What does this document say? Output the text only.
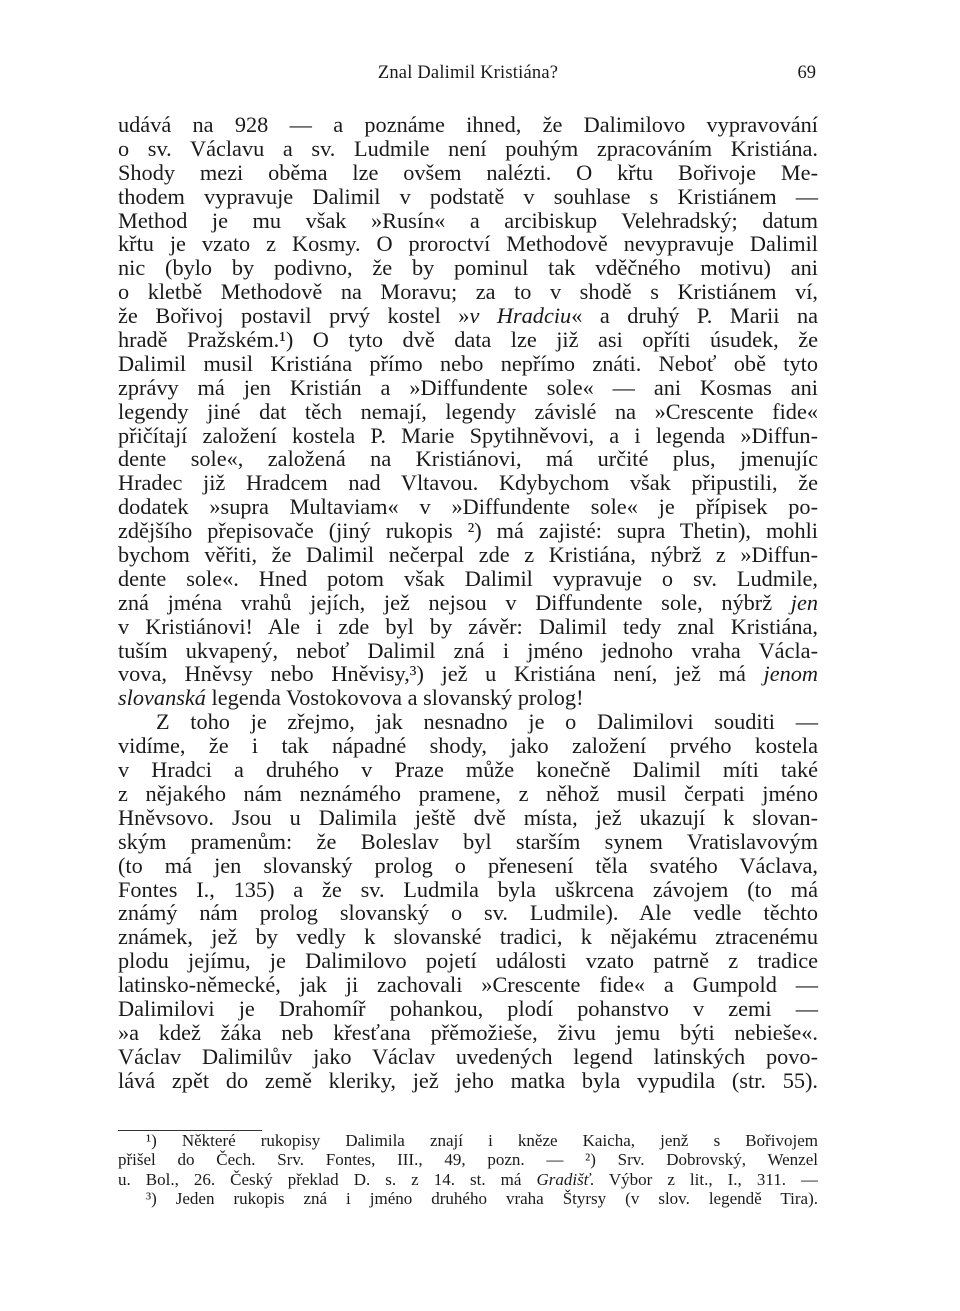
Znal Dalimil Kristiána?	69
udává na 928 — a poznáme ihned, že Dalimilovo vypravování
o sv. Václavu a sv. Ludmile není pouhým zpracováním Kristiána.
Shody mezi oběma lze ovšem nalézti. O křtu Bořivoje Me-
thodem vypravuje Dalimil v podstatě v souhlase s Kristiánem —
Method je mu však »Rusín« a arcibiskup Velehradský; datum
křtu je vzato z Kosmy. O proroctví Methodově nevypravuje Dalimil
nic (bylo by podivno, že by pominul tak vděčného motivu) ani
o kletbě Methodově na Moravu; za to v shodě s Kristiánem ví,
že Bořivoj postavil prvý kostel »v Hradciu« a druhý P. Marii na
hradě Pražském.¹) O tyto dvě data lze již asi opříti úsudek, že
Dalimil musil Kristiána přímo nebo nepřímo znáti. Neboť obě tyto
zprávy má jen Kristián a »Diffundente sole« — ani Kosmas ani
legendy jiné dat těch nemají, legendy závislé na »Crescente fide«
přičítají založení kostela P. Marie Spytihněvovi, a i legenda »Diffun-
dente sole«, založená na Kristiánovi, má určité plus, jmenujíc
Hradec již Hradcem nad Vltavou. Kdybychom však připustili, že
dodatek »supra Multaviam« v »Diffundente sole« je přípisek po-
zdějšího přepisovače (jiný rukopis ²) má zajisté: supra Thetin), mohli
bychom věřiti, že Dalimil nečerpal zde z Kristiána, nýbrž z »Diffun-
dente sole«. Hned potom však Dalimil vypravuje o sv. Ludmile,
zná jména vrahů jejích, jež nejsou v Diffundente sole, nýbrž jen
v Kristiánovi! Ale i zde byl by závěr: Dalimil tedy znal Kristiána,
tuším ukvapený, neboť Dalimil zná i jméno jednoho vraha Václa-
vova, Hněvsy nebo Hněvisy,³) jež u Kristiána není, jež má jenom
slovanská legenda Vostokovova a slovanský prolog!
Z toho je zřejmo, jak nesnadno je o Dalimilovi souditi —
vidíme, že i tak nápadné shody, jako založení prvého kostela
v Hradci a druhého v Praze může konečně Dalimil míti také
z nějakého nám neznámého pramene, z něhož musil čerpati jméno
Hněvsovo. Jsou u Dalimila ještě dvě místa, jež ukazují k slovan-
ským pramenům: že Boleslav byl starším synem Vratislavovým
(to má jen slovanský prolog o přenesení těla svatého Václava,
Fontes I., 135) a že sv. Ludmila byla uškrcena závojem (to má
známý nám prolog slovanský o sv. Ludmile). Ale vedle těchto
známek, jež by vedly k slovanské tradici, k nějakému ztracenému
plodu jejímu, je Dalimilovo pojetí události vzato patrně z tradice
latinsko-německé, jak ji zachovali »Crescente fide« a Gumpold —
Dalimilovi je Drahomíř pohankou, plodí pohanstvo v zemi —
»a kdež žáka neb křesťana přěmožieše, živu jemu býti nebieše«.
Václav Dalimilův jako Václav uvedených legend latinských povo-
lává zpět do země kleriky, jež jeho matka byla vypudila (str. 55).
¹) Některé rukopisy Dalimila znají i kněze Kaicha, jenž s Bořivojem
přišel do Čech. Srv. Fontes, III., 49, pozn. — ²) Srv. Dobrovský, Wenzel
u. Bol., 26. Český překlad D. s. z 14. st. má Gradišť. Výbor z lit., I., 311. —
³) Jeden rukopis zná i jméno druhého vraha Štyrsy (v slov. legendě Tira).
